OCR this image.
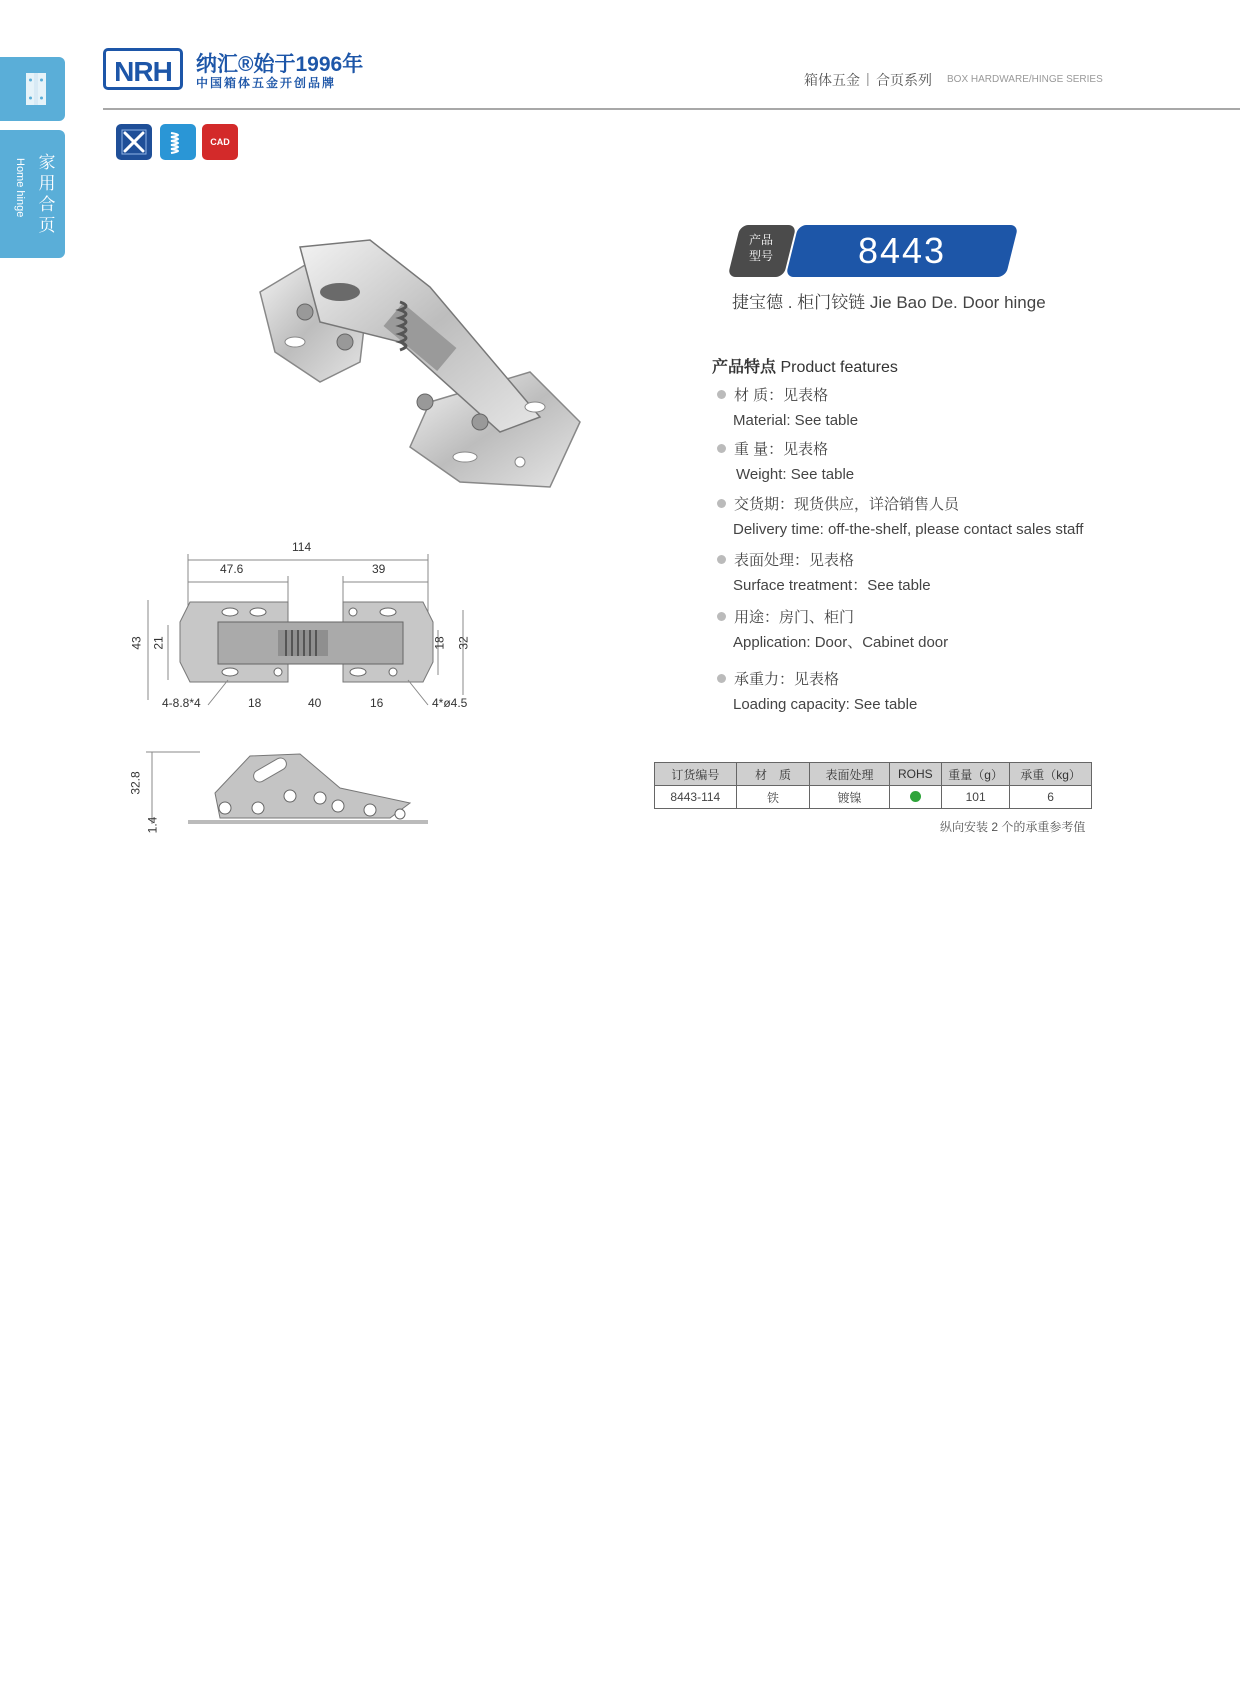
家用合页
Home hinge
NRH	纳汇®始于1996年
中国箱体五金开创品牌	箱体五金 | 合页系列 BOX HARDWARE/HINGE SERIES
CAD
114
47.6	39
43 21	18 32
4-8.8*4	18	40	16	4*ø4.5
32.8
1.4
产品型号	8443
捷宝德 . 柜门铰链 Jie Bao De. Door hinge
产品特点 Product features
材 质：见表格
Material: See table
重 量：见表格
Weight: See table
交货期：现货供应，详洽销售人员
Delivery time: off-the-shelf, please contact sales staff
表面处理：见表格
Surface treatment：See table
用途：房门、柜门
Application: Door、Cabinet door
承重力：见表格
Loading capacity: See table
订货编号	材　质	表面处理	ROHS	重量（g）	承重（kg）
8443-114	铁	镀镍		101	6
纵向安装 2 个的承重参考值
